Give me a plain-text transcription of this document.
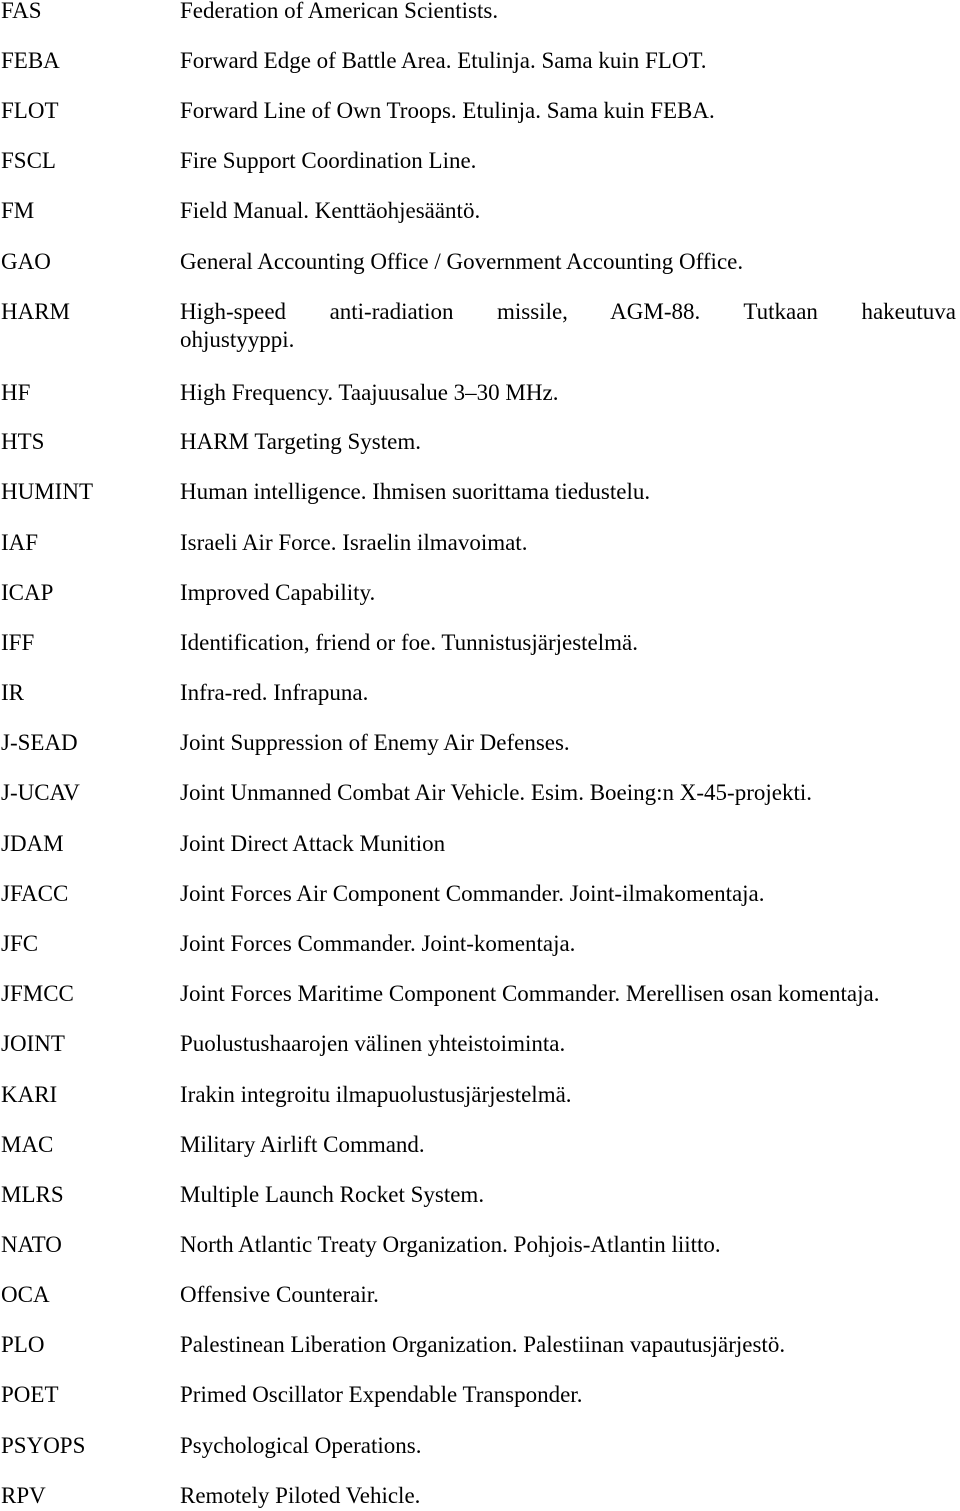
FAS	Federation of American Scientists.
FEBA	Forward Edge of Battle Area. Etulinja. Sama kuin FLOT.
FLOT	Forward Line of Own Troops. Etulinja. Sama kuin FEBA.
FSCL	Fire Support Coordination Line.
FM	Field Manual. Kenttäohjesääntö.
GAO	General Accounting Office / Government Accounting Office.
HARM	High-speed anti-radiation missile, AGM-88. Tutkaan hakeutuva
ohjustyyppi.
HF	High Frequency. Taajuusalue 3–30 MHz.
HTS	HARM Targeting System.
HUMINT	Human intelligence. Ihmisen suorittama tiedustelu.
IAF	Israeli Air Force. Israelin ilmavoimat.
ICAP	Improved Capability.
IFF	Identification, friend or foe. Tunnistusjärjestelmä.
IR	Infra-red. Infrapuna.
J-SEAD	Joint Suppression of Enemy Air Defenses.
J-UCAV	Joint Unmanned Combat Air Vehicle. Esim. Boeing:n X-45-projekti.
JDAM	Joint Direct Attack Munition
JFACC	Joint Forces Air Component Commander. Joint-ilmakomentaja.
JFC	Joint Forces Commander. Joint-komentaja.
JFMCC	Joint Forces Maritime Component Commander. Merellisen osan komentaja.
JOINT	Puolustushaarojen välinen yhteistoiminta.
KARI	Irakin integroitu ilmapuolustusjärjestelmä.
MAC	Military Airlift Command.
MLRS	Multiple Launch Rocket System.
NATO	North Atlantic Treaty Organization. Pohjois-Atlantin liitto.
OCA	Offensive Counterair.
PLO	Palestinean Liberation Organization. Palestiinan vapautusjärjestö.
POET	Primed Oscillator Expendable Transponder.
PSYOPS	Psychological Operations.
RPV	Remotely Piloted Vehicle.
